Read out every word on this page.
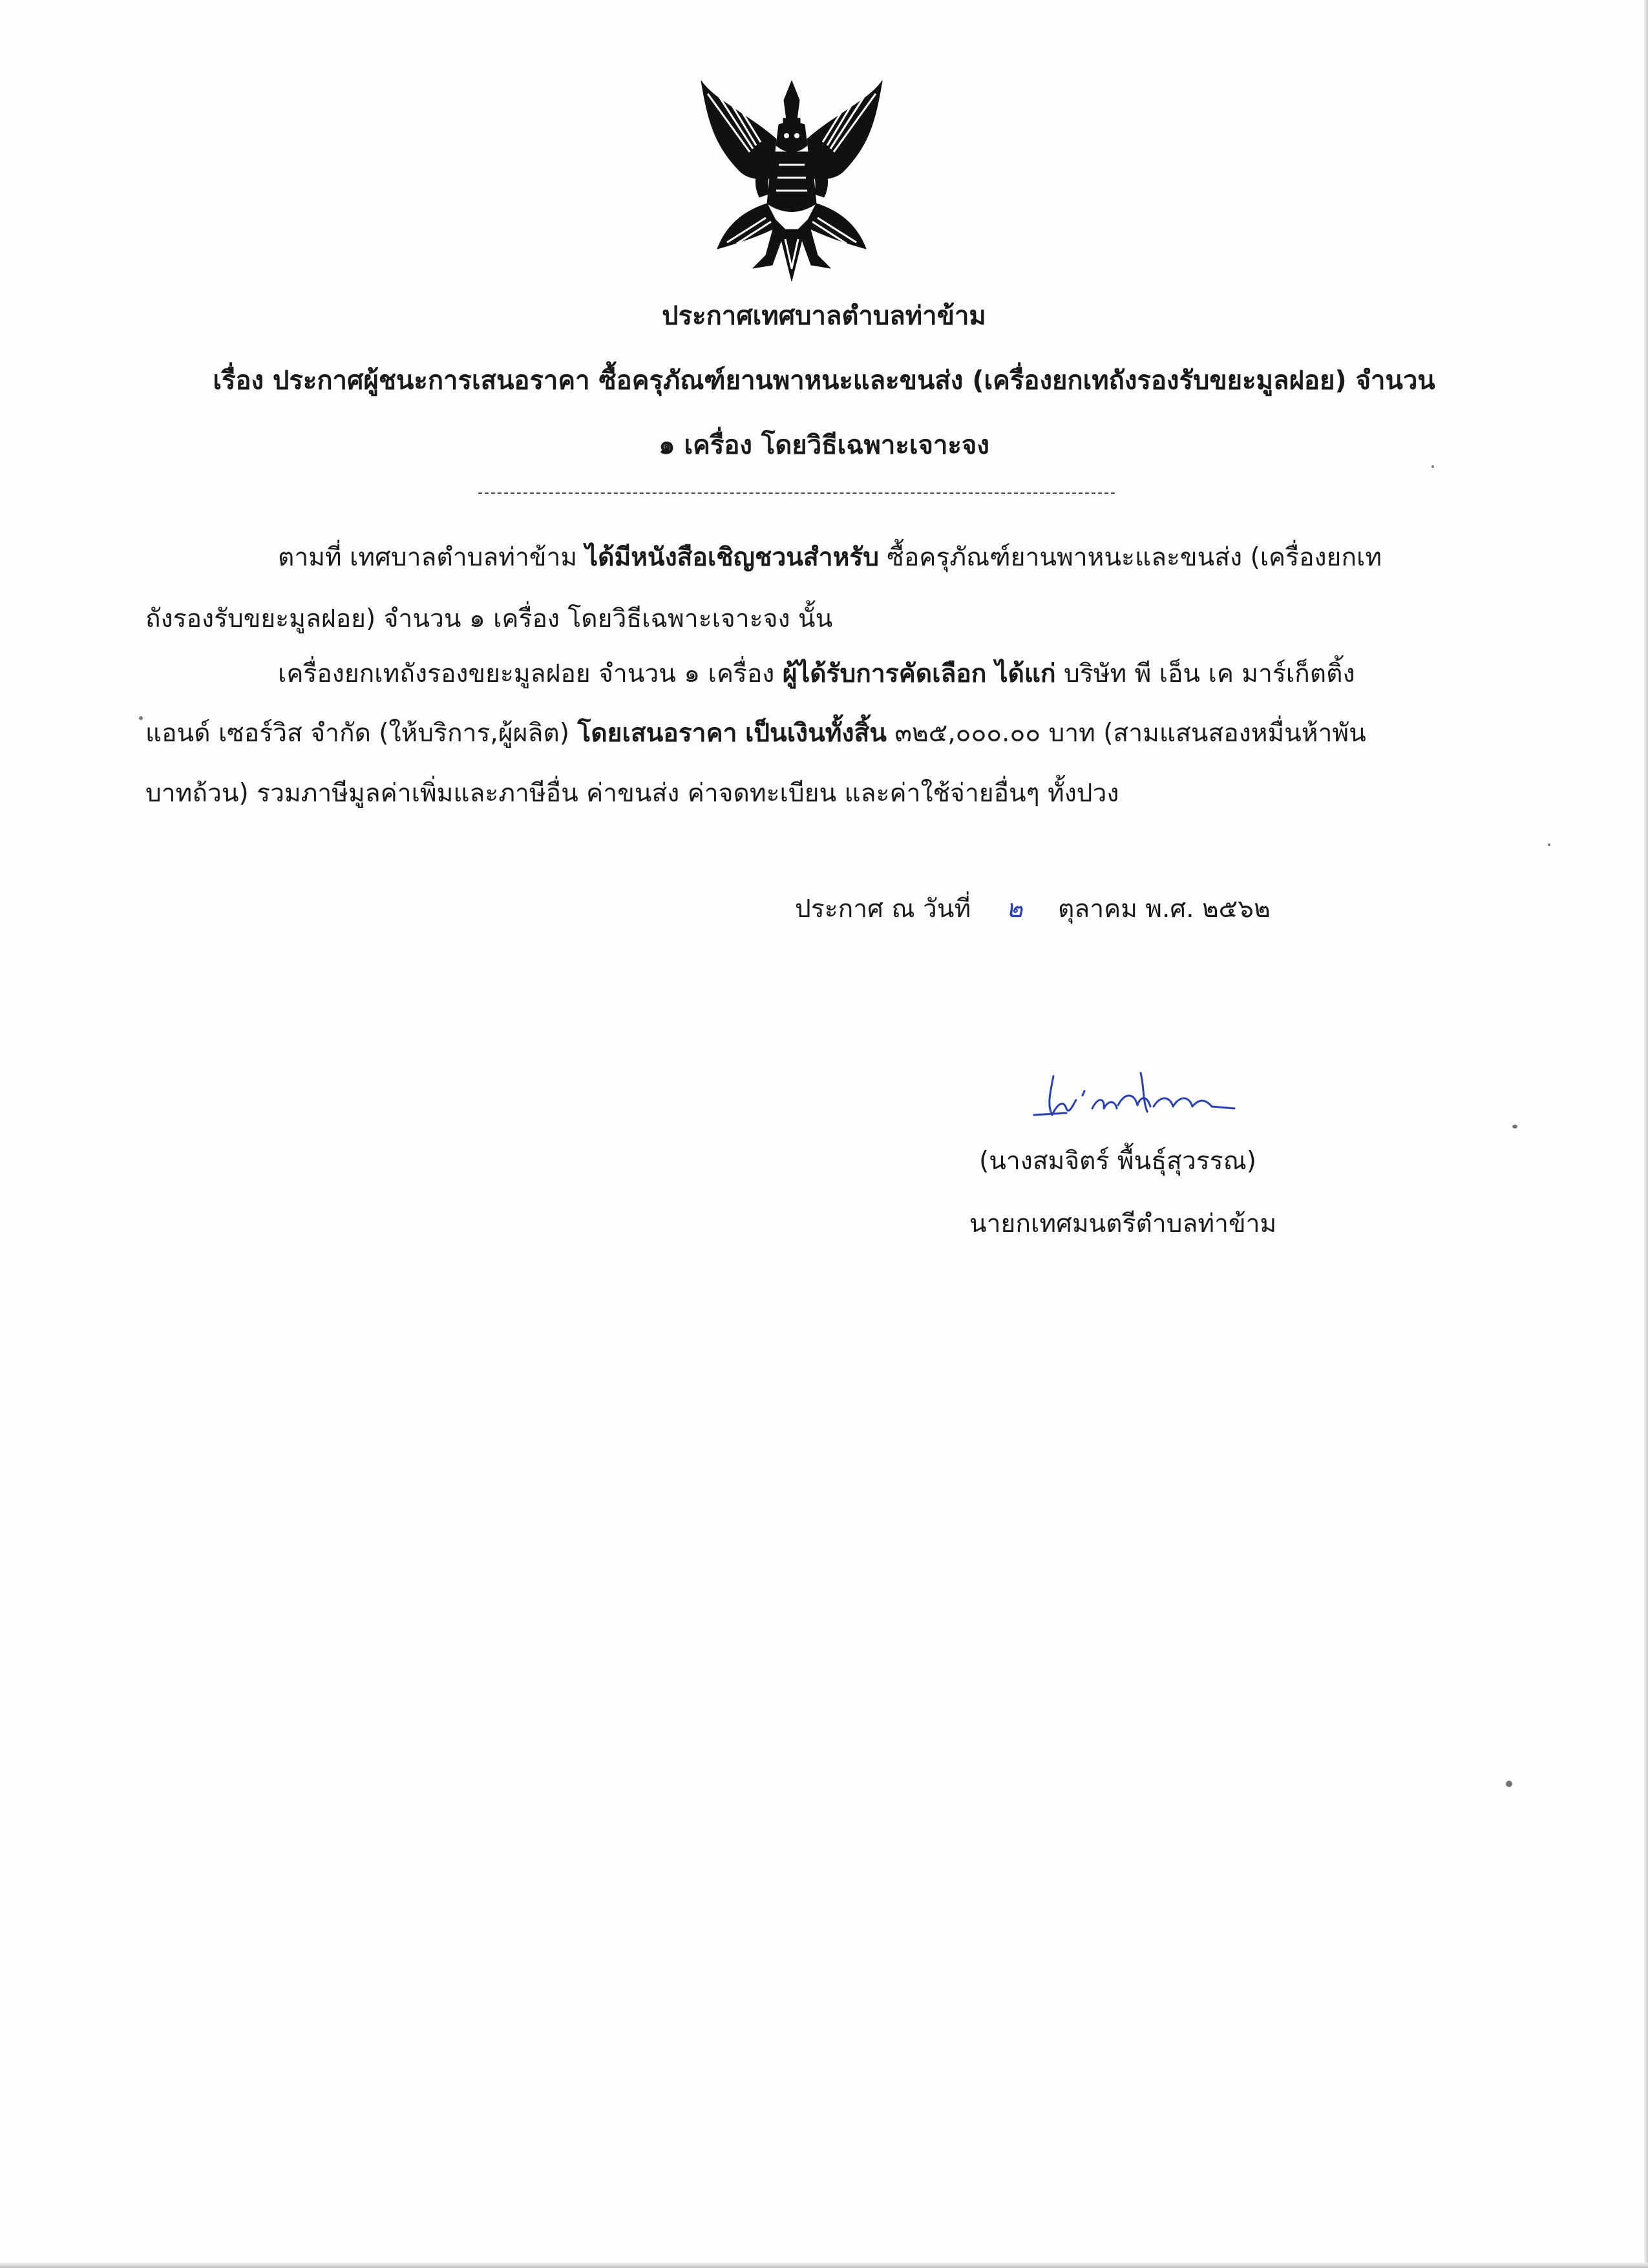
ประกาศเทศบาลตำบลท่าข้าม
เรื่อง ประกาศผู้ชนะการเสนอราคา ซื้อครุภัณฑ์ยานพาหนะและขนส่ง (เครื่องยกเทถังรองรับขยะมูลฝอย) จำนวน
๑ เครื่อง โดยวิธีเฉพาะเจาะจง
ตามที่ เทศบาลตำบลท่าข้าม ได้มีหนังสือเชิญชวนสำหรับ ซื้อครุภัณฑ์ยานพาหนะและขนส่ง (เครื่องยกเท
ถังรองรับขยะมูลฝอย) จำนวน ๑ เครื่อง โดยวิธีเฉพาะเจาะจง นั้น
เครื่องยกเทถังรองขยะมูลฝอย จำนวน ๑ เครื่อง ผู้ได้รับการคัดเลือก ได้แก่ บริษัท พี เอ็น เค มาร์เก็ตติ้ง
แอนด์ เซอร์วิส จำกัด (ให้บริการ,ผู้ผลิต) โดยเสนอราคา เป็นเงินทั้งสิ้น ๓๒๕,๐๐๐.๐๐ บาท (สามแสนสองหมื่นห้าพัน
บาทถ้วน) รวมภาษีมูลค่าเพิ่มและภาษีอื่น ค่าขนส่ง ค่าจดทะเบียน และค่าใช้จ่ายอื่นๆ ทั้งปวง
ประกาศ ณ วันที่ ๒ ตุลาคม พ.ศ. ๒๕๖๒
(นางสมจิตร์ พื้นธุ์สุวรรณ)
นายกเทศมนตรีตำบลท่าข้าม
